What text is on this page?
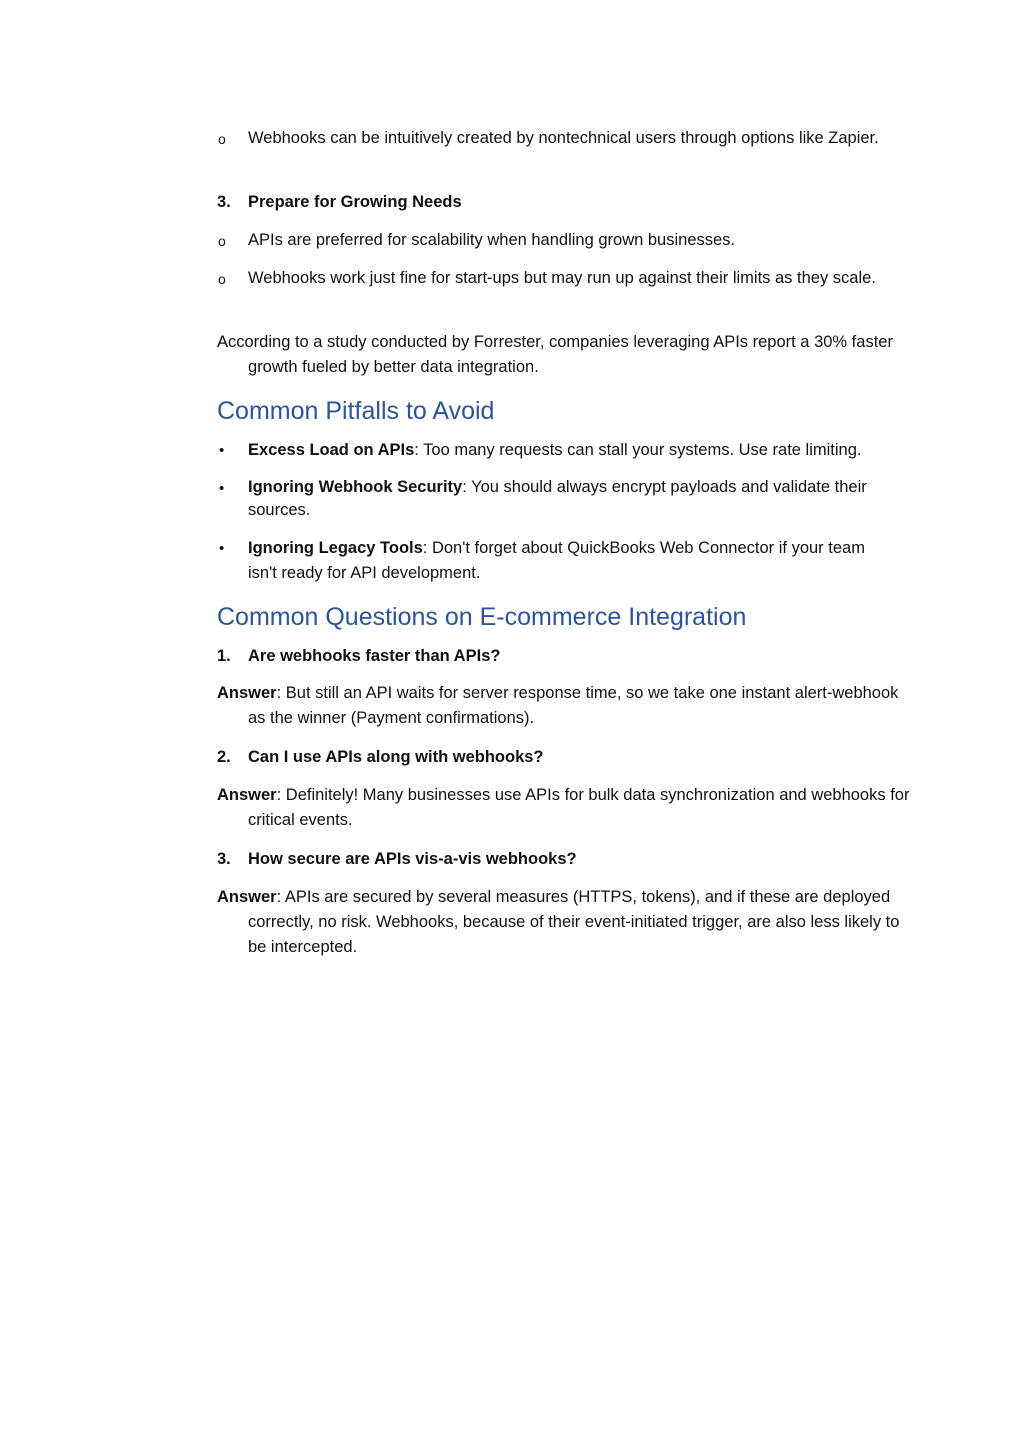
o	Webhooks can be intuitively created by nontechnical users through options like Zapier.
3.	Prepare for Growing Needs
o	APIs are preferred for scalability when handling grown businesses.
o	Webhooks work just fine for start-ups but may run up against their limits as they scale.
According to a study conducted by Forrester, companies leveraging APIs report a 30% faster growth fueled by better data integration.
Common Pitfalls to Avoid
•	Excess Load on APIs: Too many requests can stall your systems. Use rate limiting.
•	Ignoring Webhook Security: You should always encrypt payloads and validate their sources.
•	Ignoring Legacy Tools: Don't forget about QuickBooks Web Connector if your team isn't ready for API development.
Common Questions on E-commerce Integration
1.	Are webhooks faster than APIs?
Answer: But still an API waits for server response time, so we take one instant alert-webhook as the winner (Payment confirmations).
2.	Can I use APIs along with webhooks?
Answer: Definitely! Many businesses use APIs for bulk data synchronization and webhooks for critical events.
3.	How secure are APIs vis-a-vis webhooks?
Answer: APIs are secured by several measures (HTTPS, tokens), and if these are deployed correctly, no risk. Webhooks, because of their event-initiated trigger, are also less likely to be intercepted.
